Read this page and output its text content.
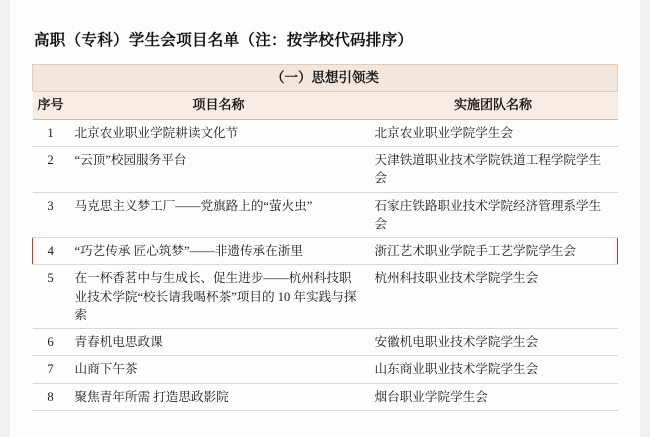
高职（专科）学生会项目名单（注：按学校代码排序）
（一）思想引领类
序号	项目名称	实施团队名称
1	北京农业职业学院耕读文化节	北京农业职业学院学生会
2	“云顶”校园服务平台	天津铁道职业技术学院铁道工程学院学生会
3	马克思主义梦工厂——党旗路上的“萤火虫”	石家庄铁路职业技术学院经济管理系学生会
4	“巧艺传承 匠心筑梦”——非遗传承在浙里	浙江艺术职业学院手工艺学院学生会
5	在一杯香茗中与生成长、促生进步——杭州科技职业技术学院“校长请我喝杯茶”项目的 10 年实践与探索	杭州科技职业技术学院学生会
6	青春机电思政课	安徽机电职业技术学院学生会
7	山商下午茶	山东商业职业技术学院学生会
8	聚焦青年所需 打造思政影院	烟台职业学院学生会
